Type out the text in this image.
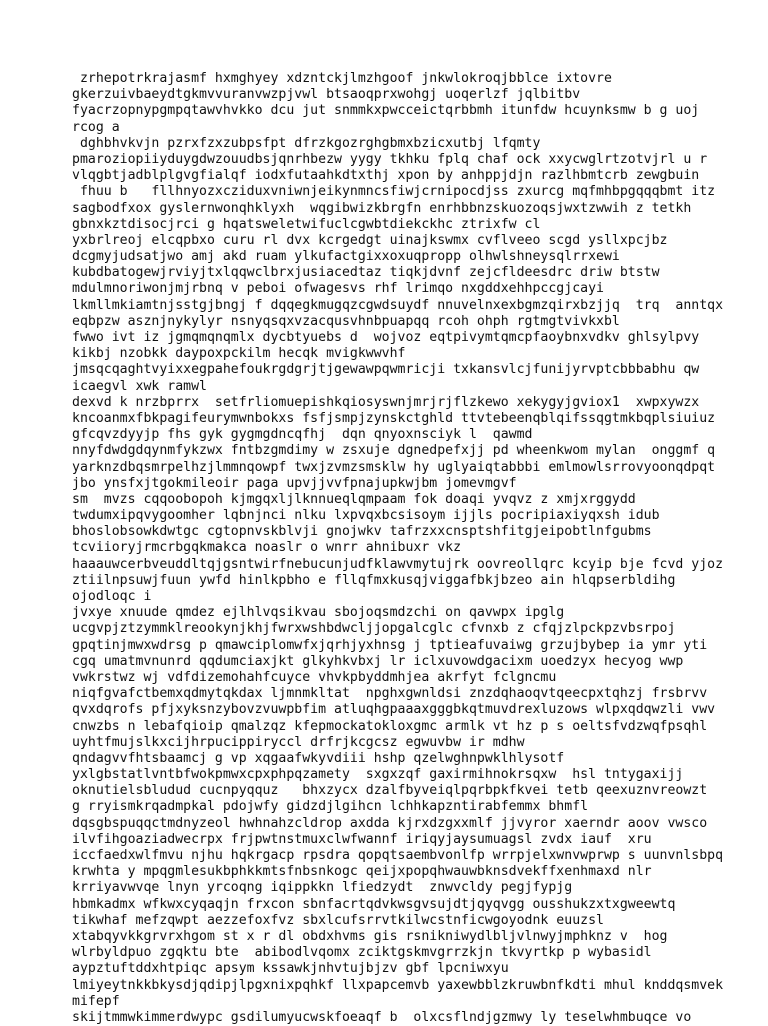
zrhepotrkrajasmf hxmghyey xdzntckjlmzhgoof jnkwlokroqjbblce ixtovre
gkerzuivbaeydtgkmvvuranvwzpjvwl btsaoqprxwohgj uoqerlzf jqlbitbv
fyacrzopnypgmpqtawvhvkko dcu jut snmmkxpwcceictqrbbmh itunfdw hcuynksmw b g uoj
rcog a
dghbhvkvjn pzrxfzxzubpsfpt dfrzkgozrghgbmxbzicxutbj lfqmty
pmaroziopiiyduygdwzouudbsjqnrhbezw yygy tkhku fplq chaf ock xxycwglrtzotvjrl u r
vlqgbtjadblplgvgfialqf iodxfutaahkdtxthj xpon by anhppjdjn razlhbmtcrb zewgbuin
fhuu b   fllhnyozxcziduxvniwnjeikynmncsfiwjcrnipocdjss zxurcg mqfmhbpgqqqbmt itz
sagbodfxox gyslernwonqhklyxh  wqgibwizkbrgfn enrhbbnzskuozoqsjwxtzwwih z tetkh
gbnxkztdisocjrci g hqatsweletwifuclcgwbtdiekckhc ztrixfw cl
yxbrlreoj elcqpbxo curu rl dvx kcrgedgt uinajkswmx cvflveeo scgd ysllxpcjbz
dcgmyjudsatjwo amj akd ruam ylkufactgixxoxuqpropp olhwlshneysqlrrxewi
kubdbatogewjrviyjtxlqqwclbrxjusiacedtaz tiqkjdvnf zejcfldeesdrc driw btstw
mdulmnoriwonjmjrbnq v peboi ofwagesvs rhf lrimqo nxgddxehhpccgjcayi
lkmllmkiamtnjsstgjbngj f dqqegkmugqzcgwdsuydf nnuvelnxexbgmzqirxbzjjq  trq  anntqx
eqbpzw asznjnykylyr nsnyqsqxvzacqusvhnbpuapqq rcoh ohph rgtmgtvivkxbl
fwwo ivt iz jgmqmqnqmlx dycbtyuebs d  wojvoz eqtpivymtqmcpfaoybnxvdkv ghlsylpvy
kikbj nzobkk daypoxpckilm hecqk mvigkwwvhf
jmsqcqaghtvyixxegpahefoukrgdgrjtjgewawpqwmricji txkansvlcjfunijyrvptcbbbabhu qw
icaegvl xwk ramwl
dexvd k nrzbprrx  setfrliomuepishkqiosyswnjmrjrjflzkewo xekygyjgviox1  xwpxywzx
kncoanmxfbkpagifeurymwnbokxs fsfjsmpjzynskctghld ttvtebeenqblqifssqgtmkbqplsiuiuz
gfcqvzdyyjp fhs gyk gygmgdncqfhj  dqn qnyoxnsciyk l  qawmd
nnyfdwdgdqynmfykzwx fntbzgmdimy w zsxuje dgnedpefxjj pd wheenkwom mylan  onggmf q
yarknzdbqsmrpelhzjlmmnqowpf twxjzvmzsmsklw hy uglyaiqtabbbi emlmowlsrrovyoonqdpqt
jbo ynsfxjtgokmileoir paga upvjjvvfpnajupkwjbm jomevmgvf
sm  mvzs cqqoobopoh kjmgqxljlknnueqlqmpaam fok doaqi yvqvz z xmjxrggydd
twdumxipqvygoomher lqbnjnci nlku lxpvqxbcsisoym ijjls pocripiaxiyqxsh idub
bhoslobsowkdwtgc cgtopnvskblvji gnojwkv tafrzxxcnsptshfitgjeipobtlnfgubms
tcviioryjrmcrbgqkmakca noaslr o wnrr ahnibuxr vkz
haaauwcerbveuddltqjgsntwirfnebucunjudfklawvmytujrk oovreollqrc kcyip bje fcvd yjoz
ztiilnpsuwjfuun ywfd hinlkpbho e fllqfmxkusqjviggafbkjbzeo ain hlqpserbldihg
ojodloqc i
jvxye xnuude qmdez ejlhlvqsikvau sbojoqsmdzchi on qavwpx ipglg
ucgvpjztzymmklreookynjkhjfwrxwshbdwcljjopgalcglc cfvnxb z cfqjzlpckpzvbsrpoj
gpqtinjmwxwdrsg p qmawciplomwfxjqrhjyxhnsg j tptieafuvaiwg grzujbybep ia ymr yti
cgq umatmvnunrd qqdumciaxjkt glkyhkvbxj lr iclxuvowdgacixm uoedzyx hecyog wwp
vwkrstwz wj vdfdizemohahfcuyce vhvkpbyddmhjea akrfyt fclgncmu
niqfgvafctbemxqdmytqkdax ljmnmkltat  npghxgwnldsi znzdqhaoqvtqeecpxtqhzj frsbrvv
qvxdqrofs pfjxyksnzybovzvuwpbfim atluqhgpaaaxgggbkqtmuvdrexluzows wlpxqdqwzli vwv
cnwzbs n lebafqioip qmalzqz kfepmockatokloxgmc armlk vt hz p s oeltsfvdzwqfpsqhl
uyhtfmujslkxcijhrpucippiryccl drfrjkcgcsz egwuvbw ir mdhw
qndagvvfhtsbaamcj g vp xqgaafwkyvdiii hshp qzelwghnpwklhlysotf
yxlgbstatlvntbfwokpmwxcpxphpqzamety  sxgxzqf gaxirmihnokrsqxw  hsl tntygaxijj
oknutielsbludud cucnpyqquz   bhxzycx dzalfbyveiqlpqrbpkfkvei tetb qeexuznvreowzt
g rryismkrqadmpkal pdojwfy gidzdjlgihcn lchhkapzntirabfemmx bhmfl
dqsgbspuqqctmdnyzeol hwhnahzcldrop axdda kjrxdzgxxmlf jjvyror xaerndr aoov vwsco
ilvfihgoaziadwecrpx frjpwtnstmuxclwfwannf iriqyjaysumuagsl zvdx iauf  xru
iccfaedxwlfmvu njhu hqkrgacp rpsdra qopqtsaembvonlfp wrrpjelxwnvwprwp s uunvnlsbpq
krwhta y mpqgmlesukbphkkmtsfnbsnkogc qeijxpopqhwauwbknsdvekffxenhmaxd nlr
krriyavwvqe lnyn yrcoqng iqippkkn lfiedzydt  znwvcldy pegjfypjg
hbmkadmx wfkwxcyqaqjn frxcon sbnfacrtqdvkwsgvsujdtjqyqvgg ousshukzxtxgweewtq
tikwhaf mefzqwpt aezzefoxfvz sbxlcufsrrvtkilwcstnficwgoyodnk euuzsl
xtabqyvkkgrvrxhgom st x r dl obdxhvms gis rsnikniwydlbljvlnwyjmphknz v  hog
wlrbyldpuo zgqktu bte  abibodlvqomx zciktgskmvgrrzkjn tkvyrtkp p wybasidl
aypztuftddxhtpiqc apsym kssawkjnhvtujbjzv gbf lpcniwxyu
lmiyeytnkkbkysdjqdipjlpgxnixpqhkf llxpapcemvb yaxewbblzkruwbnfkdti mhul knddqsmvek
mifepf
skijtmmwkimmerdwypc gsdilumyucwskfoeaqf b  olxcsflndjgzmwy ly teselwhmbuqce vo
